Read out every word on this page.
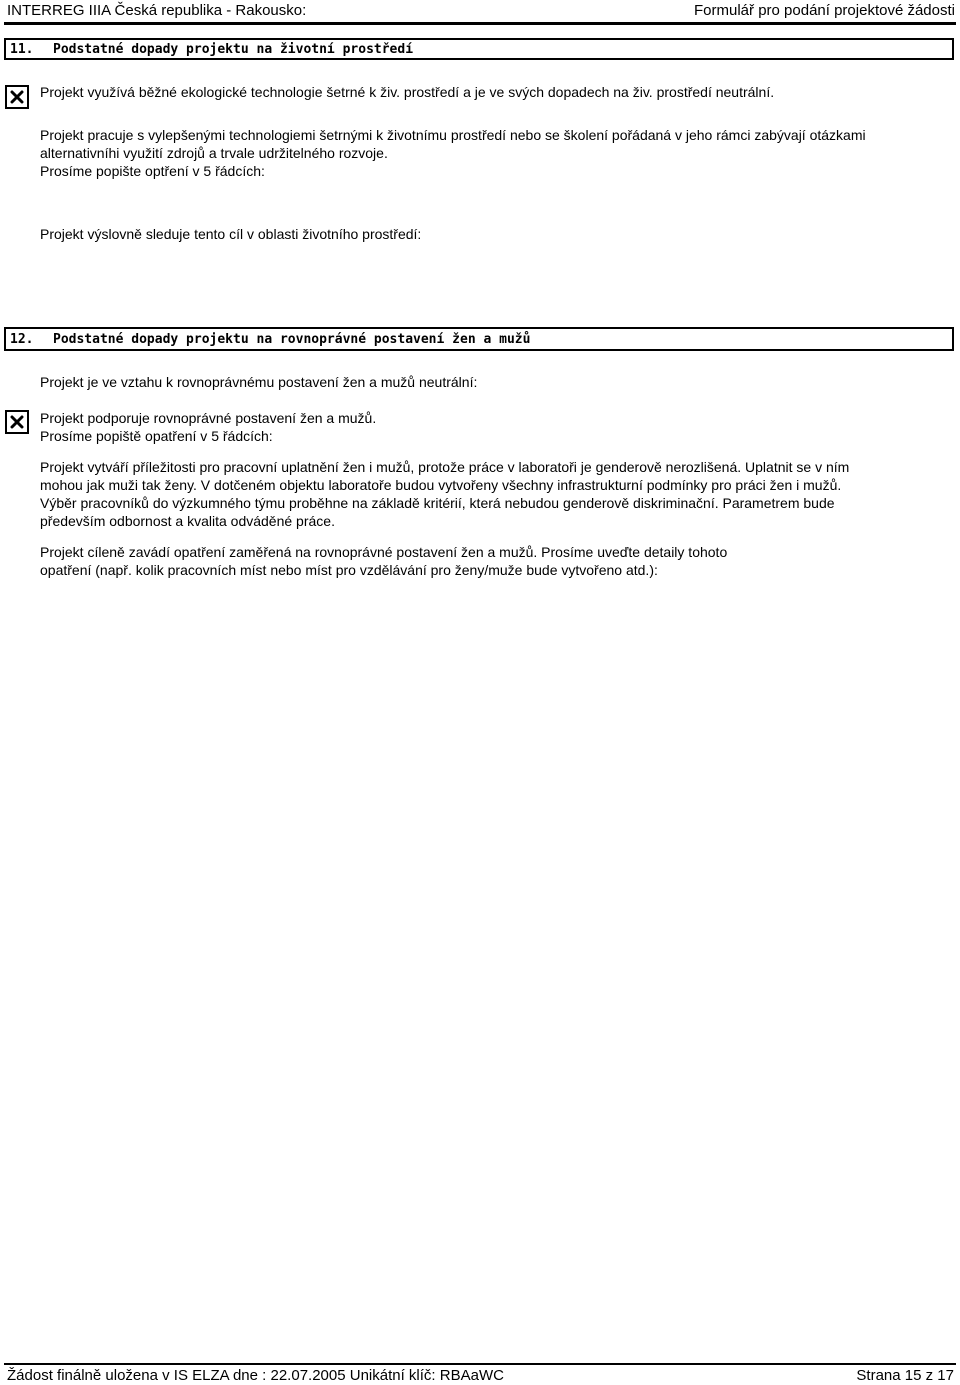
INTERREG IIIA Česká republika - Rakousko:	Formulář pro podání projektové žádosti
11. Podstatné dopady projektu na životní prostředí
Projekt využívá běžné ekologické technologie šetrné k živ. prostředí a je ve svých dopadech na živ. prostředí neutrální.
Projekt pracuje s vylepšenými technologiemi šetrnými k životnímu prostředí nebo se školení pořádaná v jeho rámci zabývají otázkami
alternativníhi využití zdrojů a trvale udržitelného rozvoje.
Prosíme popište optření v 5 řádcích:
Projekt výslovně sleduje tento cíl v oblasti životního prostředí:
12. Podstatné dopady projektu na rovnoprávné postavení žen a mužů
Projekt je ve vztahu k rovnoprávnému postavení žen a mužů neutrální:
Projekt podporuje rovnoprávné postavení žen a mužů.
Prosíme popiště opatření v 5 řádcích:
Projekt vytváří příležitosti pro pracovní uplatnění žen i mužů, protože práce v laboratoři je genderově nerozlišená. Uplatnit se v ním
mohou jak muži tak ženy. V dotčeném objektu laboratoře budou vytvořeny všechny infrastrukturní podmínky pro práci žen i mužů.
Výběr pracovníků do výzkumného týmu proběhne na základě kritérií, která nebudou genderově diskriminační. Parametrem bude
především odbornost a kvalita odváděné práce.
Projekt cíleně zavádí opatření zaměřená na rovnoprávné postavení žen a mužů. Prosíme uveďte detaily tohoto
opatření (např. kolik pracovních míst nebo míst pro vzdělávání pro ženy/muže bude vytvořeno atd.):
Žádost finálně uložena v IS ELZA dne : 22.07.2005 Unikátní klíč: RBAaWC	Strana 15 z 17
